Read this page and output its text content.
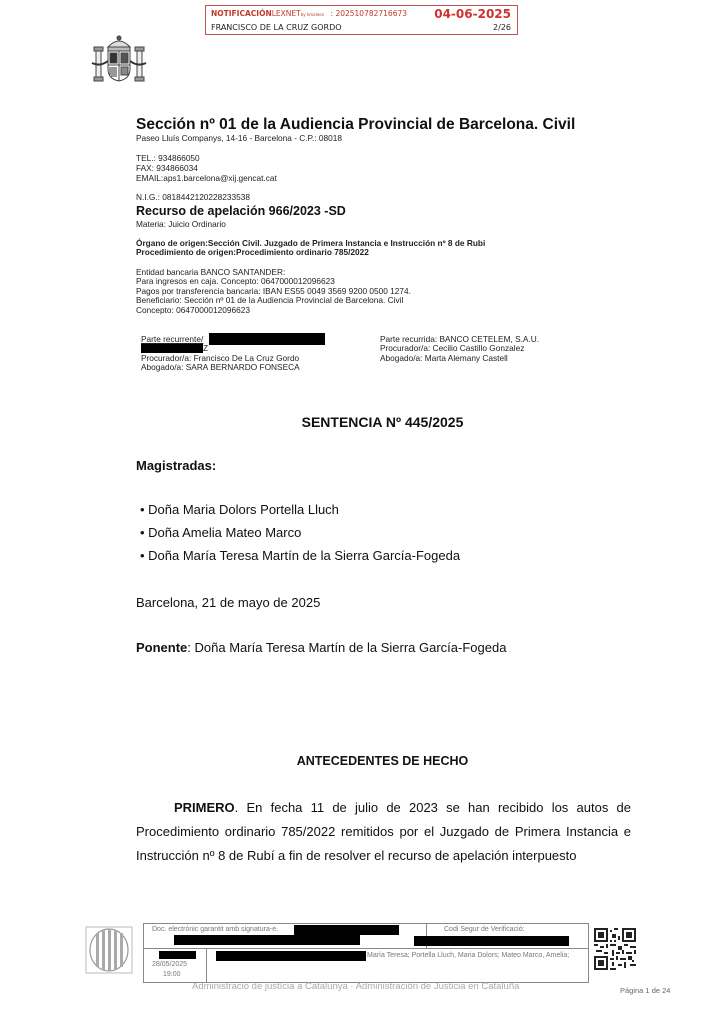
NOTIFICACIÓNLEXNETby kmaleon : 202510782716673 04-06-2025
FRANCISCO DE LA CRUZ GORDO	2/26
Sección nº 01 de la Audiencia Provincial de Barcelona. Civil
Paseo Lluís Companys, 14-16 - Barcelona - C.P.: 08018
TEL.: 934866050
FAX: 934866034
EMAIL:aps1.barcelona@xij.gencat.cat
N.I.G.: 0818442120228233538
Recurso de apelación 966/2023 -SD
Materia: Juicio Ordinario
Órgano de origen:Sección Civil. Juzgado de Primera Instancia e Instrucción nº 8 de Rubi
Procedimiento de origen:Procedimiento ordinario 785/2022
Entidad bancaria BANCO SANTANDER:
Para ingresos en caja. Concepto: 0647000012096623
Pagos por transferencia bancaria: IBAN ES55 0049 3569 9200 0500 1274.
Beneficiario: Sección nº 01 de la Audiencia Provincial de Barcelona. Civil
Concepto: 0647000012096623
Parte recurrente/
Z
Procurador/a: Francisco De La Cruz Gordo
Abogado/a: SARA BERNARDO FONSECA
Parte recurrida: BANCO CETELEM, S.A.U.
Procurador/a: Cecilio Castillo Gonzalez
Abogado/a: Marta Alemany Castell
SENTENCIA Nº 445/2025
Magistradas:
• Doña Maria Dolors Portella Lluch
• Doña Amelia Mateo Marco
• Doña María Teresa Martín de la Sierra García-Fogeda
Barcelona, 21 de mayo de 2025
Ponente: Doña María Teresa Martín de la Sierra García-Fogeda
ANTECEDENTES DE HECHO
PRIMERO. En fecha 11 de julio de 2023 se han recibido los autos de Procedimiento ordinario 785/2022 remitidos por el Juzgado de Primera Instancia e Instrucción nº 8 de Rubí a fin de resolver el recurso de apelación interpuesto
Doc. electrònic garantit amb signatura-e.	Codi Segur de Verificació:
28/05/2025
19:00
María Teresa; Portella Lluch, Maria Dolors; Mateo Marco, Amelia;
Administració de justícia a Catalunya · Administración de Justicia en Cataluña	Página 1 de 24
